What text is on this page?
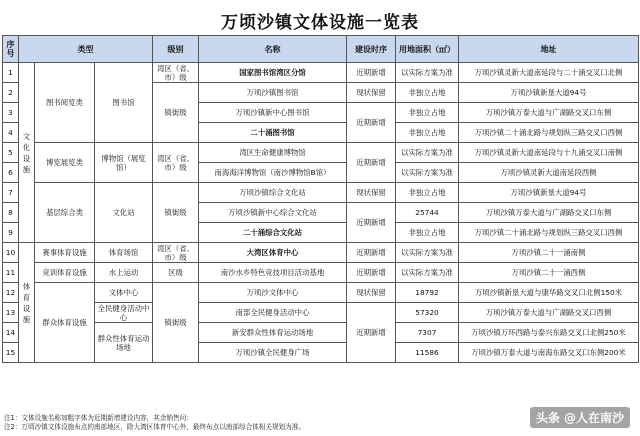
万顷沙镇文体设施一览表
序号	类型			级别	名称	建设时序	用地面积（㎡）	地址
1	文化设施	图书阅览类	图书馆	湾区（省、市）级	国家图书馆湾区分馆	近期新增	以实际方案为准	万顷沙镇灵新大道南延段与二十涌交叉口北侧
2				镇街级	万顷沙镇图书馆	现状保留	非独立占地	万顷沙镇新垦大道94号
3					万顷沙镇新中心图书馆	近期新增	非独立占地	万顷沙镇万泰大道与广湖路交叉口东侧
4					二十涌图书馆		非独立占地	万顷沙镇二十涌北路与规划纵三路交叉口西侧
5		博览展览类	博物馆（展览馆）	湾区（省、市）级	湾区生命健康博物馆	近期新增	以实际方案为准	万顷沙镇灵新大道南延段与十九涌交叉口南侧
6					南海海洋博物馆（南沙博物馆B馆）		以实际方案为准	万顷沙镇灵新大道南延段西侧
7		基层综合类	文化站	镇街级	万顷沙镇综合文化站	现状保留	非独立占地	万顷沙镇新垦大道94号
8					万顷沙镇新中心综合文化站	近期新增	25744	万顷沙镇万泰大道与广湖路交叉口东侧
9					二十涌综合文化站		非独立占地	万顷沙镇二十涌北路与规划纵三路交叉口西侧
10	体育设施	赛事体育设施	体育场馆	湾区（省、市）级	大湾区体育中心	近期新增	以实际方案为准	万顷沙镇二十一涌南侧
11		竞训体育设施	水上运动	区级	南沙水乡特色竞技项目活动基地	近期新增	以实际方案为准	万顷沙镇二十一涌西侧
12		群众体育设施	文体中心	镇街级	万顷沙文体中心	现状保留	18792	万顷沙镇新垦大道与康华路交叉口北侧150米
13			全民健身活动中心		南部全民健身活动中心	近期新增	57320	万顷沙镇万泰大道与广湖路交叉口西侧
14			群众性体育运动场地		新安群众性体育运动场地		7307	万顷沙镇万环西路与泰兴东路交叉口北侧250米
15					万顷沙镇全民健身广场		11586	万顷沙镇万泰大道与南海东路交叉口东侧200米
注1：文体设施名称加粗字体为近期新增建设内容，其余销售问：
注2：万顷沙镇文体设施布点的南部地区，除大湾区体育中心外，最终布点以南部综合体相关规划为准。
头条 @人在南沙
